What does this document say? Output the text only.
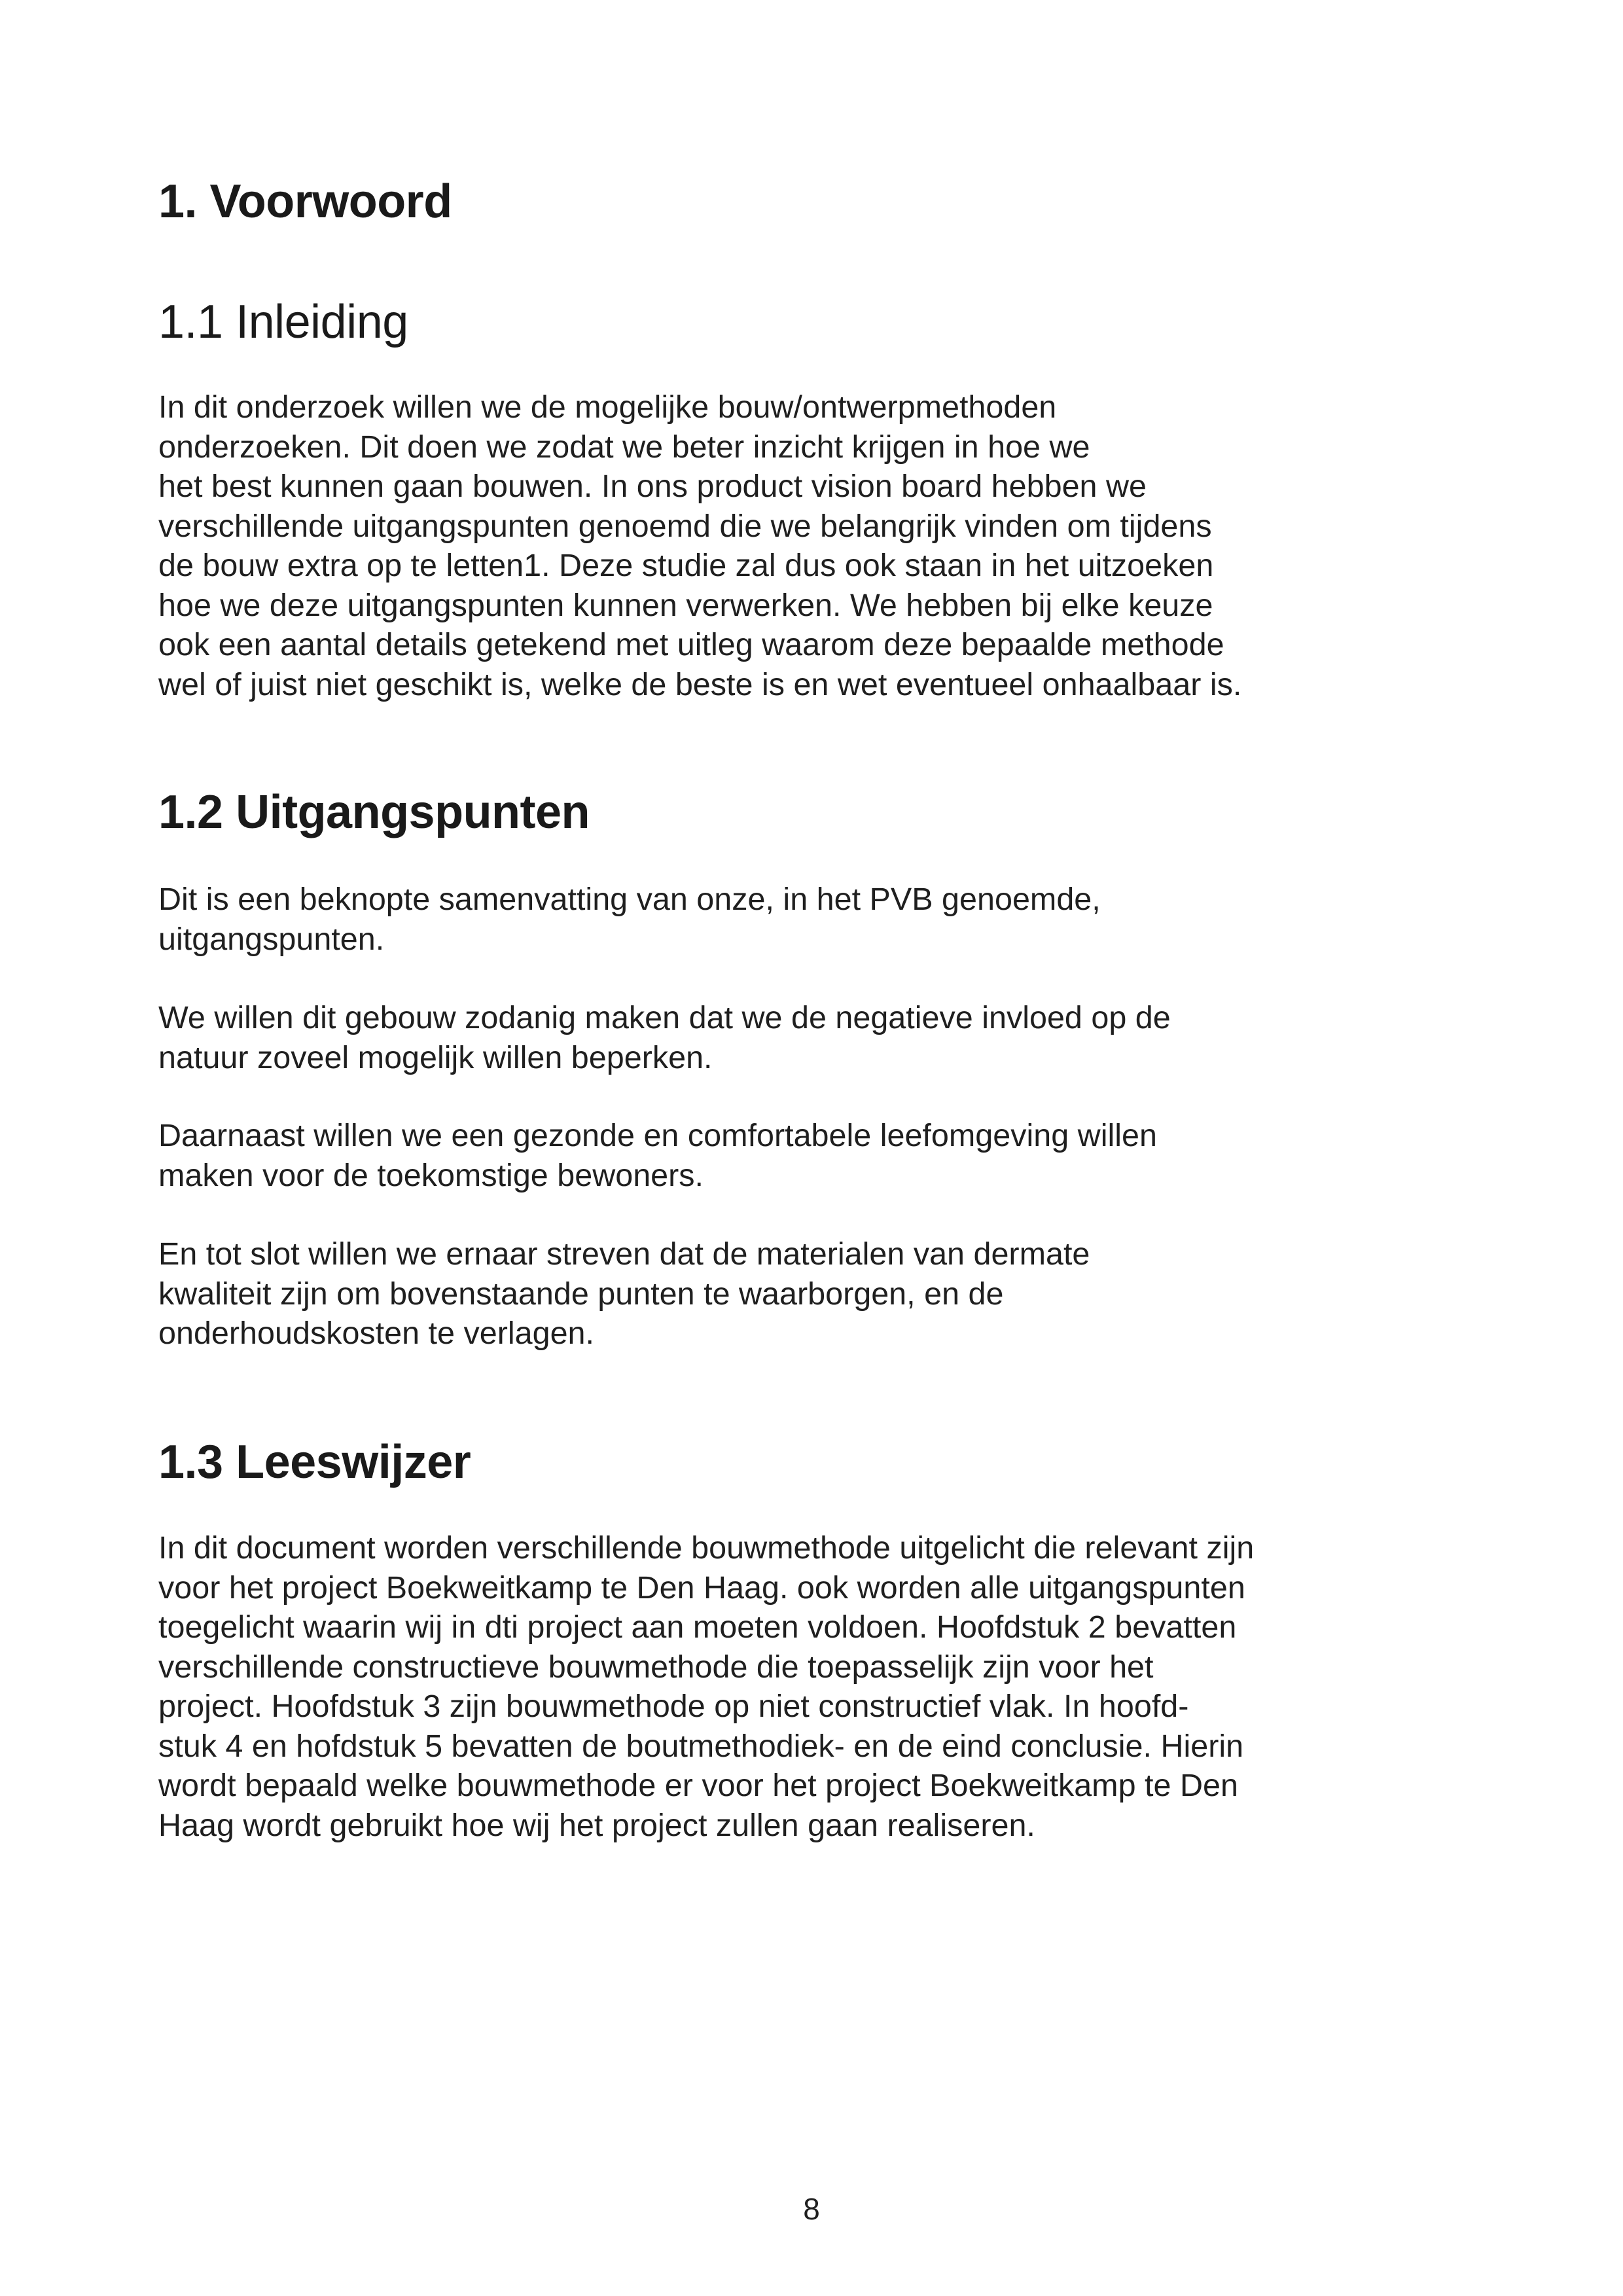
1. Voorwoord
1.1 Inleiding
In dit onderzoek willen we de mogelijke bouw/ontwerpmethoden
onderzoeken. Dit doen we zodat we beter inzicht krijgen in hoe we
het best kunnen gaan bouwen. In ons product vision board hebben we
verschillende uitgangspunten genoemd die we belangrijk vinden om tijdens
de bouw extra op te letten1. Deze studie zal dus ook staan in het uitzoeken
hoe we deze uitgangspunten kunnen verwerken. We hebben bij elke keuze
ook een aantal details getekend met uitleg waarom deze bepaalde methode
wel of juist niet geschikt is, welke de beste is en wet eventueel onhaalbaar is.
1.2 Uitgangspunten
Dit is een beknopte samenvatting van onze, in het PVB genoemde,
uitgangspunten.
We willen dit gebouw zodanig maken dat we de negatieve invloed op de
natuur zoveel mogelijk willen beperken.
Daarnaast willen we een gezonde en comfortabele leefomgeving willen
maken voor de toekomstige bewoners.
En tot slot willen we ernaar streven dat de materialen van dermate
kwaliteit zijn om bovenstaande punten te waarborgen, en de
onderhoudskosten te verlagen.
1.3 Leeswijzer
In dit document worden verschillende bouwmethode uitgelicht die relevant zijn
voor het project Boekweitkamp te Den Haag. ook worden alle uitgangspunten
toegelicht waarin wij in dti project aan moeten voldoen. Hoofdstuk 2 bevatten
verschillende constructieve bouwmethode die toepasselijk zijn voor het
project. Hoofdstuk 3 zijn bouwmethode op niet constructief vlak. In hoofd-
stuk 4 en hofdstuk 5 bevatten de boutmethodiek- en de eind conclusie. Hierin
wordt bepaald welke bouwmethode er voor het project Boekweitkamp te Den
Haag wordt gebruikt hoe wij het project zullen gaan realiseren.
8
